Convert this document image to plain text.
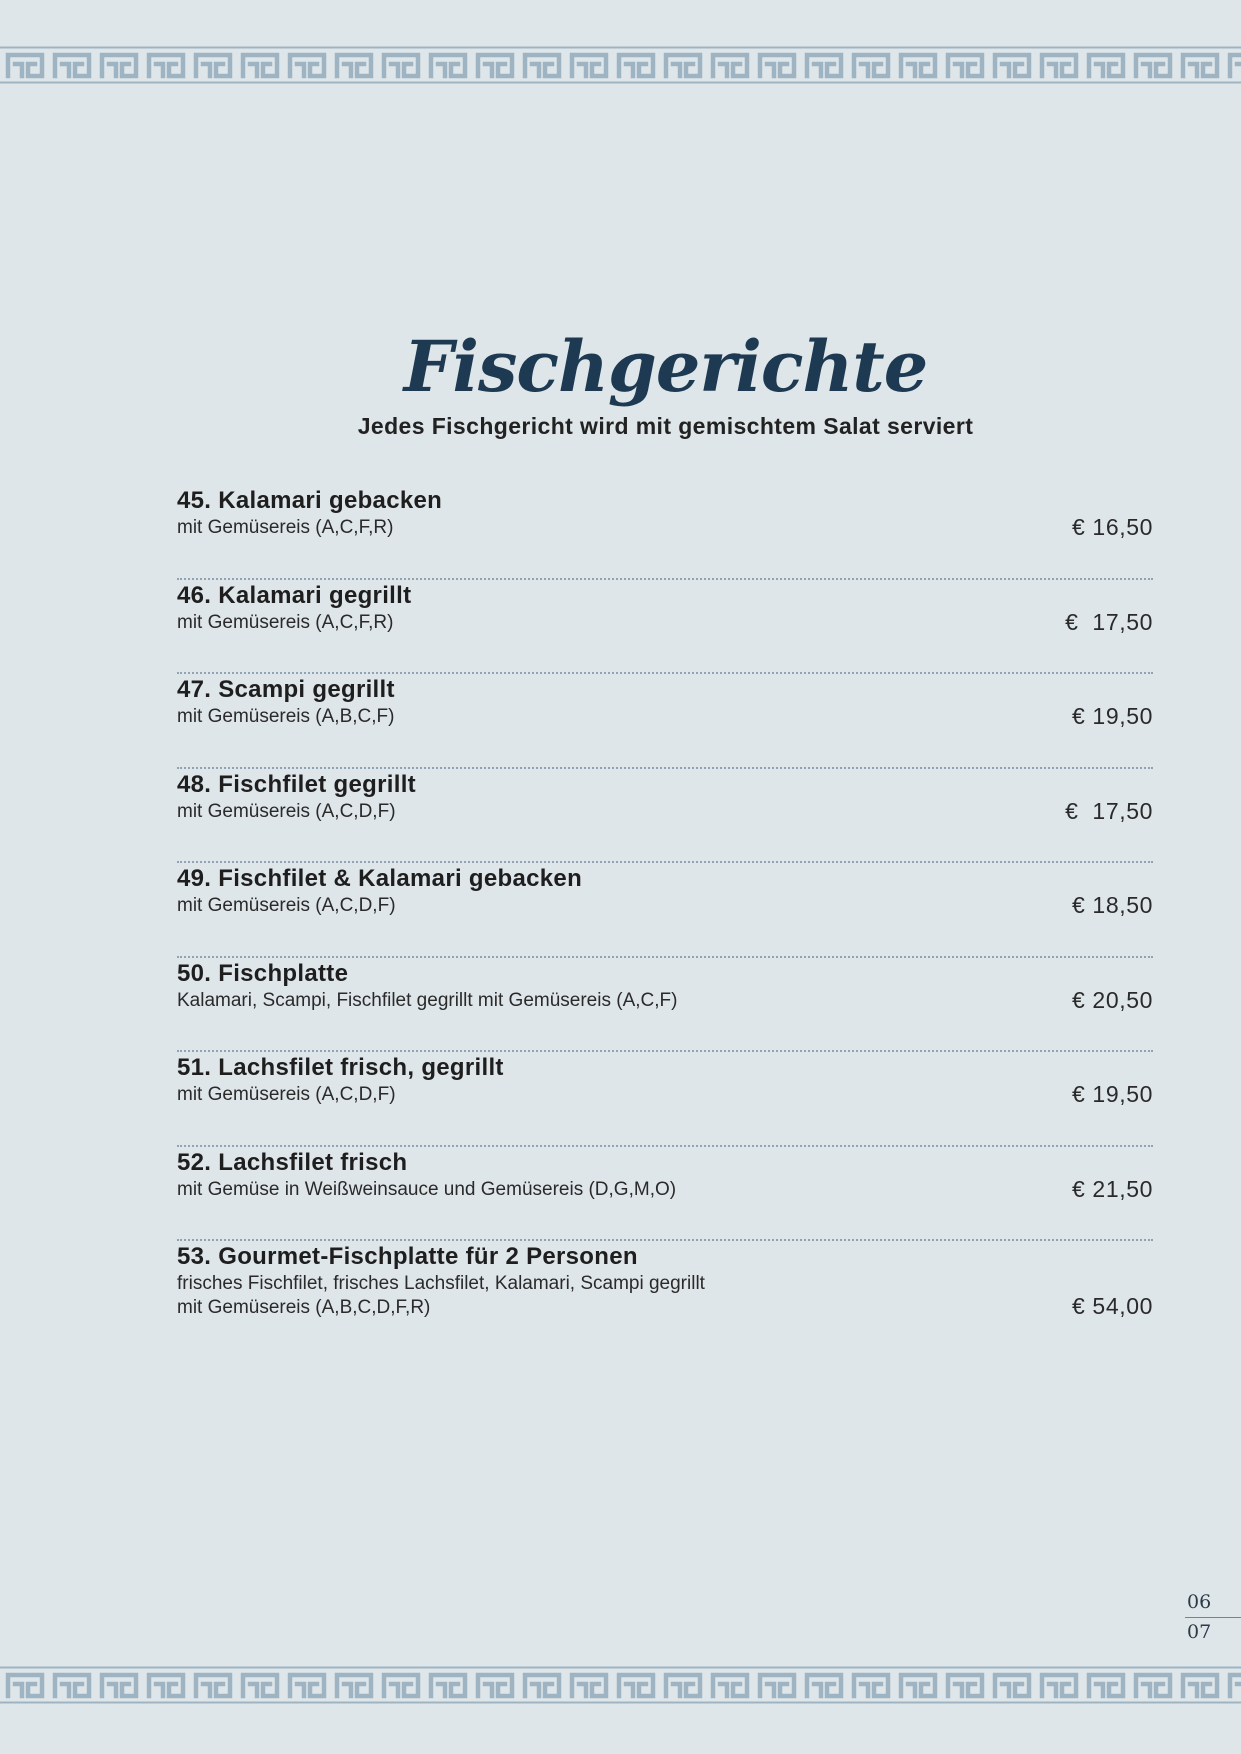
Fischgerichte

Jedes Fischgericht wird mit gemischtem Salat serviert

45. Kalamari gebacken
mit Gemüsereis (A,C,F,R)	€ 16,50
46. Kalamari gegrillt
mit Gemüsereis (A,C,F,R)	€  17,50
47. Scampi gegrillt
mit Gemüsereis (A,B,C,F)	€ 19,50
48. Fischfilet gegrillt
mit Gemüsereis (A,C,D,F)	€  17,50
49. Fischfilet & Kalamari gebacken
mit Gemüsereis (A,C,D,F)	€ 18,50
50. Fischplatte
Kalamari, Scampi, Fischfilet gegrillt mit Gemüsereis (A,C,F)	€ 20,50
51. Lachsfilet frisch, gegrillt
mit Gemüsereis (A,C,D,F)	€ 19,50
52. Lachsfilet frisch
mit Gemüse in Weißweinsauce und Gemüsereis (D,G,M,O)	€ 21,50
53. Gourmet-Fischplatte für 2 Personen
frisches Fischfilet, frisches Lachsfilet, Kalamari, Scampi gegrillt
mit Gemüsereis (A,B,C,D,F,R)	€ 54,00
06
07
